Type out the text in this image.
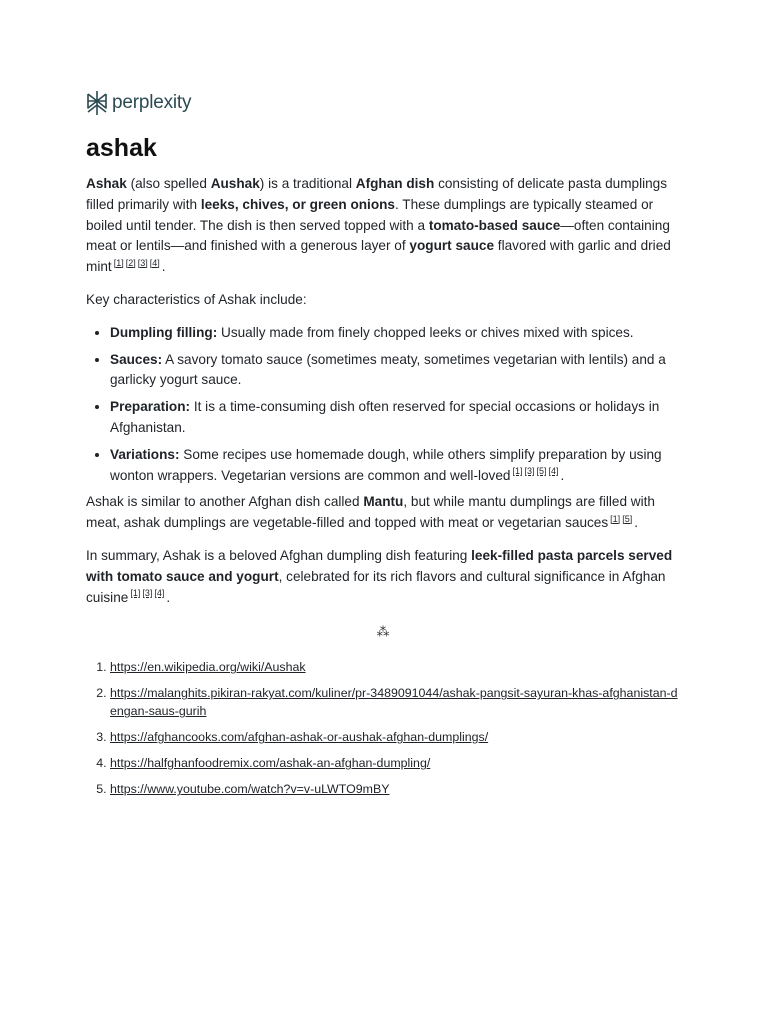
perplexity
ashak

Ashak (also spelled Aushak) is a traditional Afghan dish consisting of delicate pasta dumplings filled primarily with leeks, chives, or green onions. These dumplings are typically steamed or boiled until tender. The dish is then served topped with a tomato-based sauce—often containing meat or lentils—and finished with a generous layer of yogurt sauce flavored with garlic and dried mint [1] [2] [3] [4] .

Key characteristics of Ashak include:

• Dumpling filling: Usually made from finely chopped leeks or chives mixed with spices.
• Sauces: A savory tomato sauce (sometimes meaty, sometimes vegetarian with lentils) and a garlicky yogurt sauce.
• Preparation: It is a time-consuming dish often reserved for special occasions or holidays in Afghanistan.
• Variations: Some recipes use homemade dough, while others simplify preparation by using wonton wrappers. Vegetarian versions are common and well-loved [1] [3] [5] [4] .

Ashak is similar to another Afghan dish called Mantu, but while mantu dumplings are filled with meat, ashak dumplings are vegetable-filled and topped with meat or vegetarian sauces [1] [5] .

In summary, Ashak is a beloved Afghan dumpling dish featuring leek-filled pasta parcels served with tomato sauce and yogurt, celebrated for its rich flavors and cultural significance in Afghan cuisine [1] [3] [4] .

⁂
1. https://en.wikipedia.org/wiki/Aushak
2. https://malanghits.pikiran-rakyat.com/kuliner/pr-3489091044/ashak-pangsit-sayuran-khas-afghanistan-dengan-saus-gurih
3. https://afghancooks.com/afghan-ashak-or-aushak-afghan-dumplings/
4. https://halfghanfoodremix.com/ashak-an-afghan-dumpling/
5. https://www.youtube.com/watch?v=v-uLWTO9mBY
